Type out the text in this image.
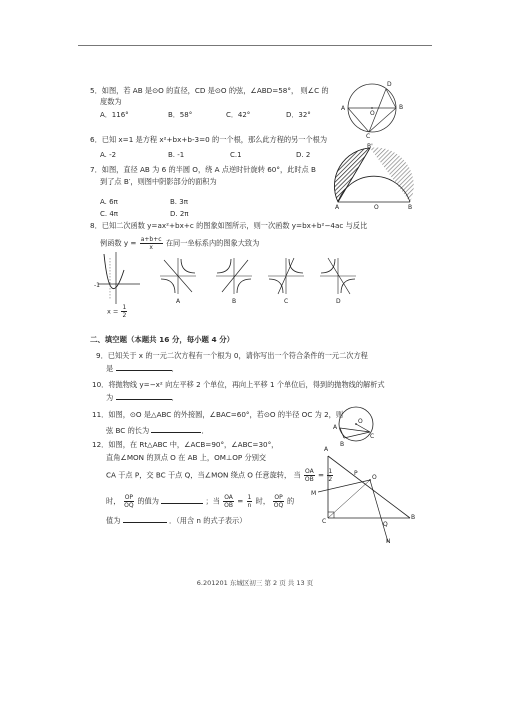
5．如图，若 AB 是⊙O 的直径，CD 是⊙O 的弦，∠ABD=58°， 则∠C 的
度数为
A．116°	B．58°	C．42°	D．32°
D
A
O
B
C
6．已知 x=1 是方程 x²+bx+b-3=0 的一个根，那么此方程的另一个根为
A. -2	B. -1	C.1	D. 2
7．如图，直径 AB 为 6 的半圆 O，绕 A 点逆时针旋转 60°，此时点 B
到了点 B′，则图中阴影部分的面积为
A. 6π	B. 3π
C. 4π	D. 2π
B'
A	O	B
8．已知二次函数 y=ax²+bx+c 的图象如图所示，则一次函数 y=bx+b²−4ac 与反比
例函数 $y = \frac{a+b+c}{x}$ 在同一坐标系内的图象大致为
-1
$x = \frac{1}{2}$
A	B	C	D
二、填空题（本题共 16 分，每小题 4 分）
9．已知关于 x 的一元二次方程有一个根为 0，请你写出一个符合条件的一元二次方程
是	．
10．将抛物线 y=−x² 向左平移 2 个单位，再向上平移 1 个单位后，得到的抛物线的解析式
为	．
11．如图，⊙O 是△ABC 的外接圆，∠BAC=60°，若⊙O 的半径 OC 为 2，则
弦 BC 的长为	．	A
O
B
C
12．如图，在 Rt△ABC 中，∠ACB=90°，∠ABC=30°，
直角∠MON 的顶点 O 在 AB 上，OM⊥OP 分别交
CA 于点 P，交 BC 于点 Q，当∠MON 绕点 O 任意旋转， 当 $\frac{OA}{OB} = \frac{1}{2}$
时， $\frac{OP}{OQ}$ 的值为	；当 $\frac{OA}{OB} = \frac{1}{n}$ 时， $\frac{OP}{OQ}$ 的
值为	．（用含 n 的式子表示）
A
O
P
M
C	Q
B
N
6.201201 东城区初三 第 2 页 共 13 页
